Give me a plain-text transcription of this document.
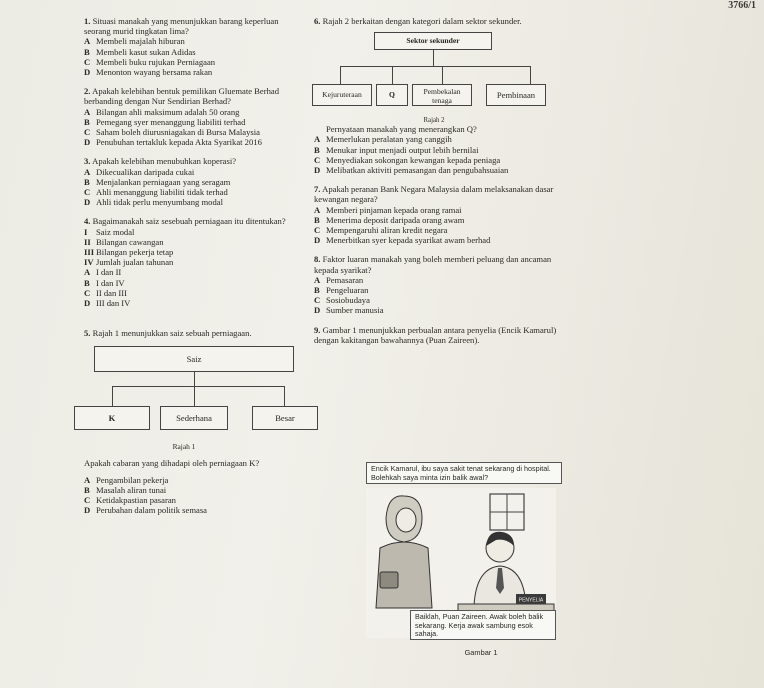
3766/1
1. Situasi manakah yang menunjukkan barang keperluan seorang murid tingkatan lima?
A Membeli majalah hiburan
B Membeli kasut sukan Adidas
C Membeli buku rujukan Perniagaan
D Menonton wayang bersama rakan
2. Apakah kelebihan bentuk pemilikan Gluemate Berhad berbanding dengan Nur Sendirian Berhad?
A Bilangan ahli maksimum adalah 50 orang
B Pemegang syer menanggung liabiliti terhad
C Saham boleh diurusniagakan di Bursa Malaysia
D Penubuhan tertakluk kepada Akta Syarikat 2016
3. Apakah kelebihan menubuhkan koperasi?
A Dikecualikan daripada cukai
B Menjalankan perniagaan yang seragam
C Ahli menanggung liabiliti tidak terhad
D Ahli tidak perlu menyumbang modal
4. Bagaimanakah saiz sesebuah perniagaan itu ditentukan?
I Saiz modal
II Bilangan cawangan
III Bilangan pekerja tetap
IV Jumlah jualan tahunan
A I dan II
B I dan IV
C II dan III
D III dan IV
5. Rajah 1 menunjukkan saiz sebuah perniagaan.
Saiz
K	Sederhana	Besar
Rajah 1
Apakah cabaran yang dihadapi oleh perniagaan K?
A Pengambilan pekerja
B Masalah aliran tunai
C Ketidakpastian pasaran
D Perubahan dalam politik semasa
6. Rajah 2 berkaitan dengan kategori dalam sektor sekunder.
Sektor sekunder
Kejuruteraan	Q	Pembekalan tenaga
Pembinaan
Rajah 2
Pernyataan manakah yang menerangkan Q?
A Memerlukan peralatan yang canggih
B Menukar input menjadi output lebih bernilai
C Menyediakan sokongan kewangan kepada peniaga
D Melibatkan aktiviti pemasangan dan pengubahsuaian
7. Apakah peranan Bank Negara Malaysia dalam melaksanakan dasar kewangan negara?
A Memberi pinjaman kepada orang ramai
B Menerima deposit daripada orang awam
C Mempengaruhi aliran kredit negara
D Menerbitkan syer kepada syarikat awam berhad
8. Faktor luaran manakah yang boleh memberi peluang dan ancaman kepada syarikat?
A Pemasaran
B Pengeluaran
C Sosiobudaya
D Sumber manusia
9. Gambar 1 menunjukkan perbualan antara penyelia (Encik Kamarul) dengan kakitangan bawahannya (Puan Zaireen).
Encik Kamarul, ibu saya sakit tenat sekarang di hospital. Bolehkah saya minta izin balik awal?
PENYELIA
Baiklah, Puan Zaireen. Awak boleh balik sekarang. Kerja awak sambung esok sahaja.
Gambar 1
